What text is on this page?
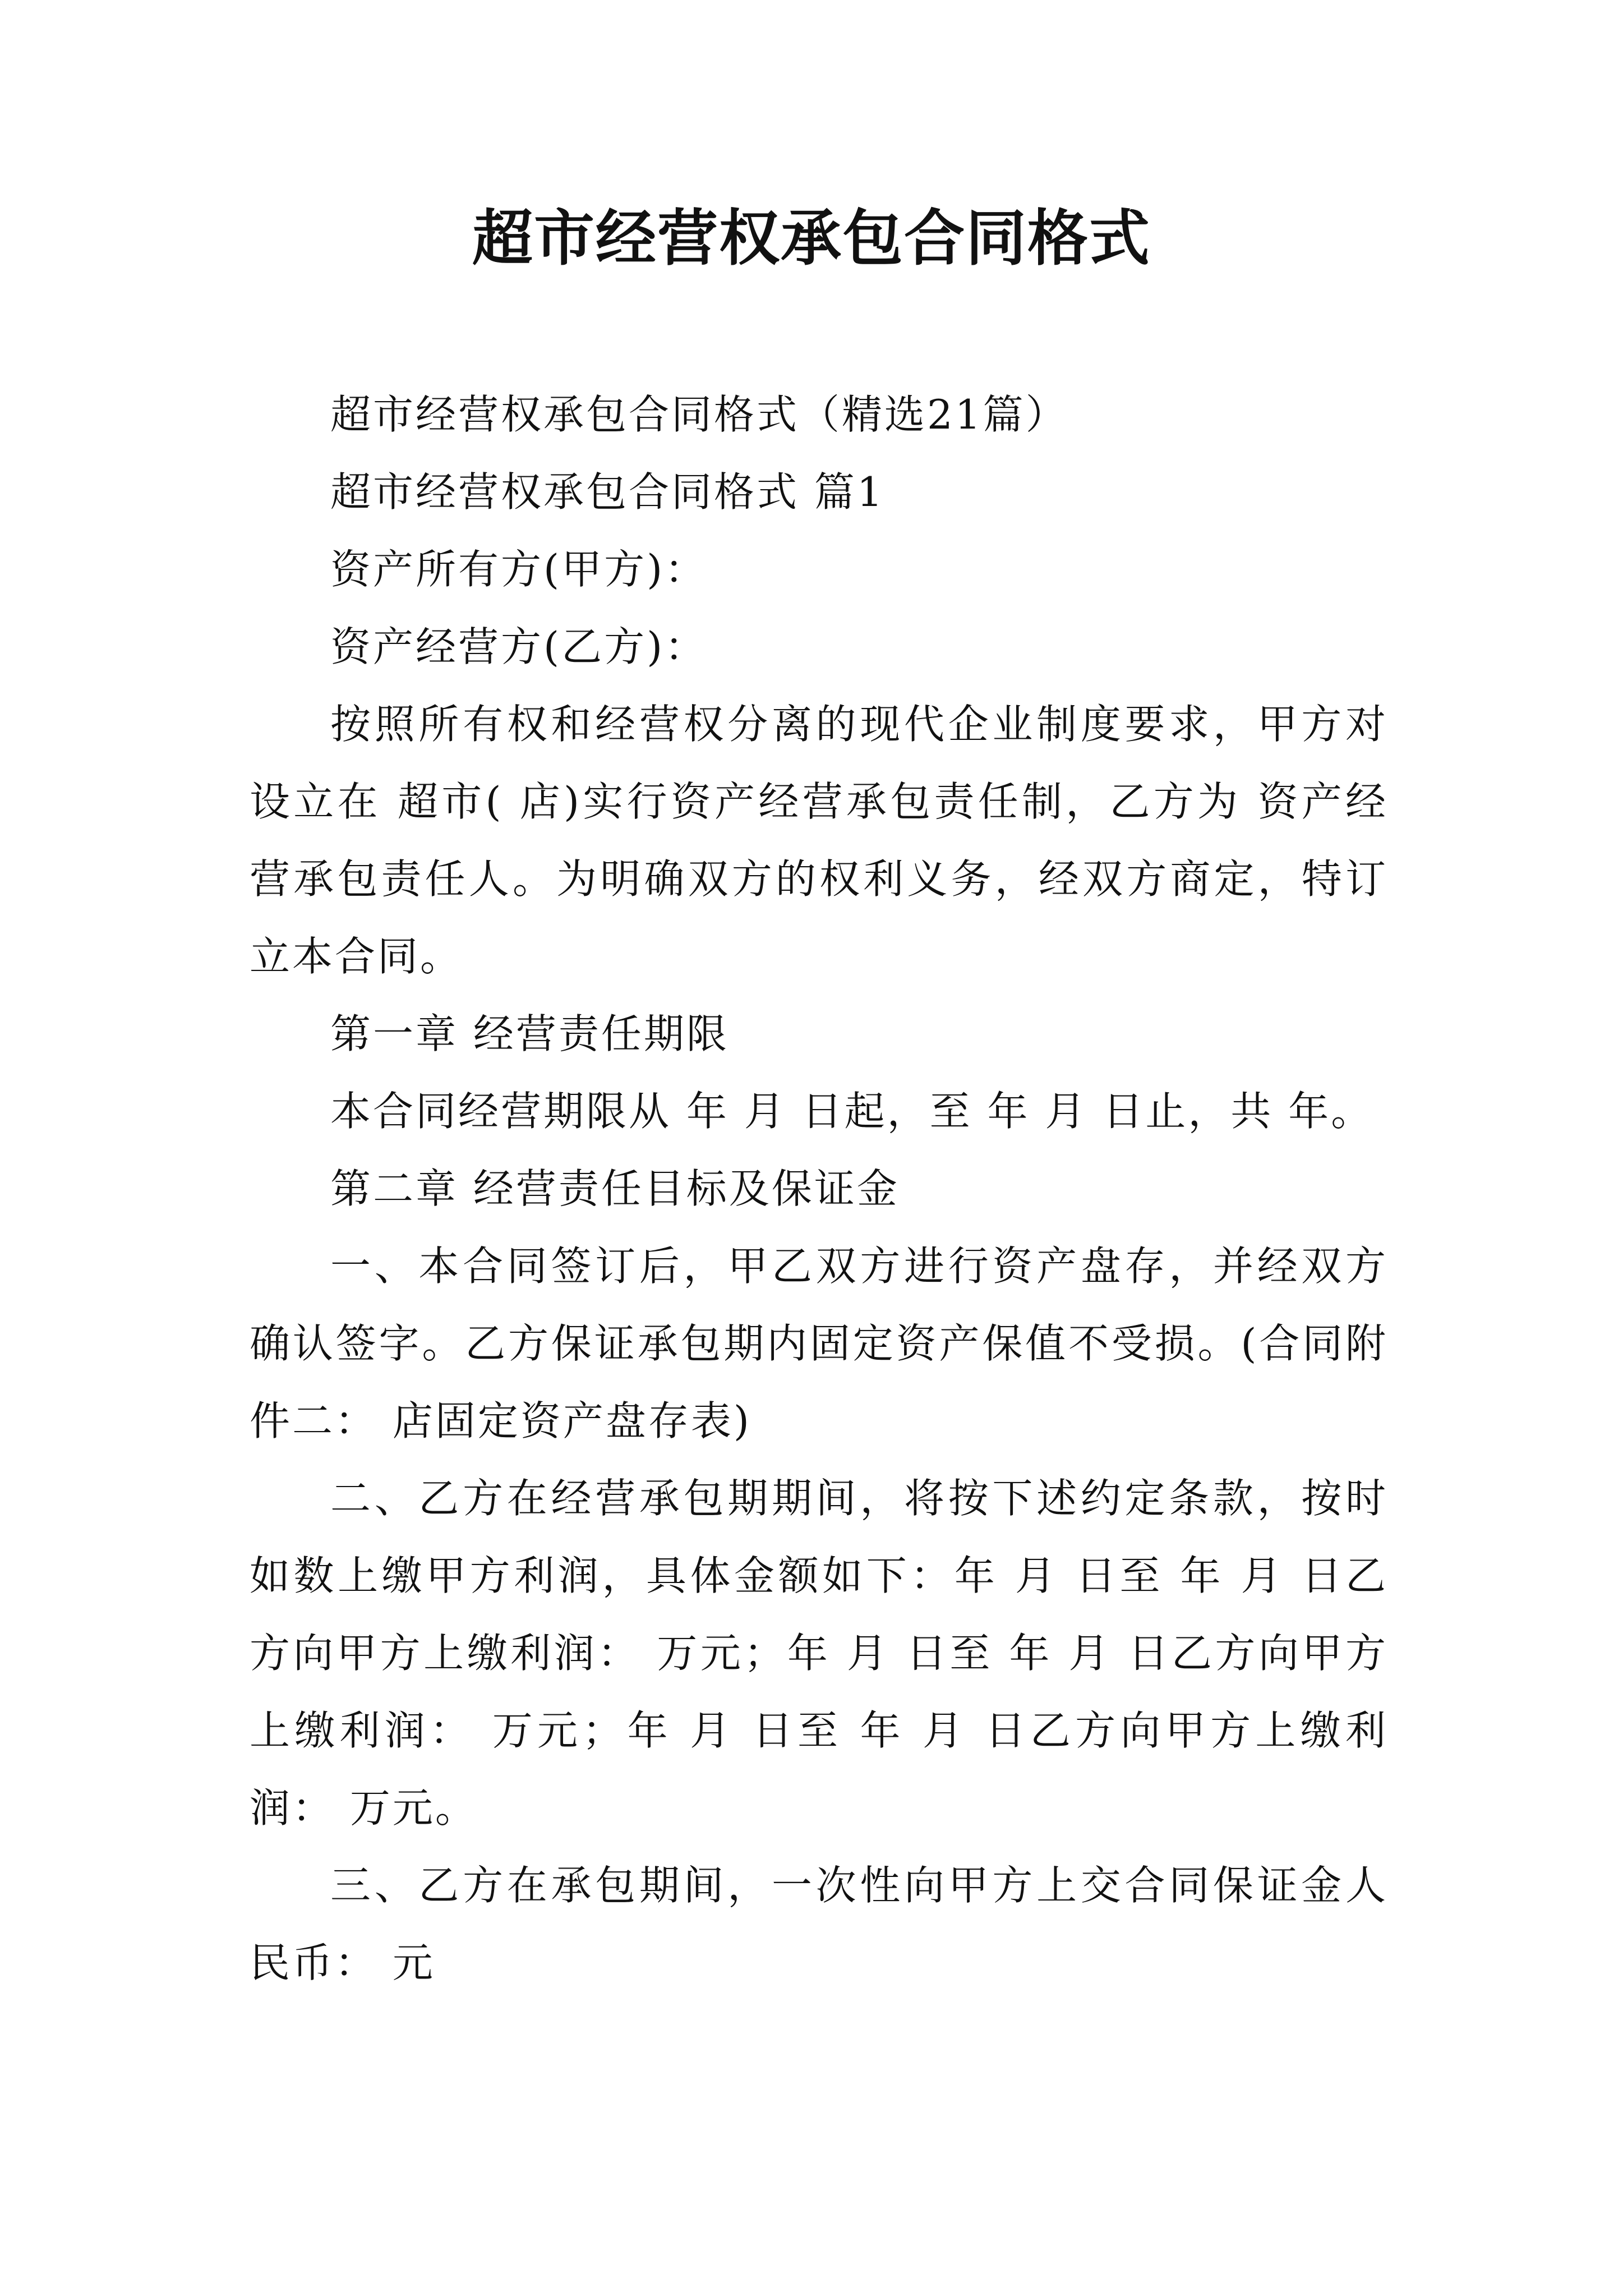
超市经营权承包合同格式

超市经营权承包合同格式（精选21篇）

超市经营权承包合同格式 篇1

资产所有方(甲方)：

资产经营方(乙方)：

按照所有权和经营权分离的现代企业制度要求，甲方对设立在 超市( 店)实行资产经营承包责任制，乙方为 资产经营承包责任人。为明确双方的权利义务，经双方商定，特订立本合同。

第一章 经营责任期限

本合同经营期限从 年 月 日起，至 年 月 日止，共 年。

第二章 经营责任目标及保证金

一、本合同签订后，甲乙双方进行资产盘存，并经双方确认签字。乙方保证承包期内固定资产保值不受损。(合同附件二： 店固定资产盘存表)

二、乙方在经营承包期期间，将按下述约定条款，按时如数上缴甲方利润，具体金额如下：年 月 日至 年 月 日乙方向甲方上缴利润： 万元；年 月 日至 年 月 日乙方向甲方上缴利润： 万元；年 月 日至 年 月 日乙方向甲方上缴利润： 万元。

三、乙方在承包期间，一次性向甲方上交合同保证金人民币： 元
